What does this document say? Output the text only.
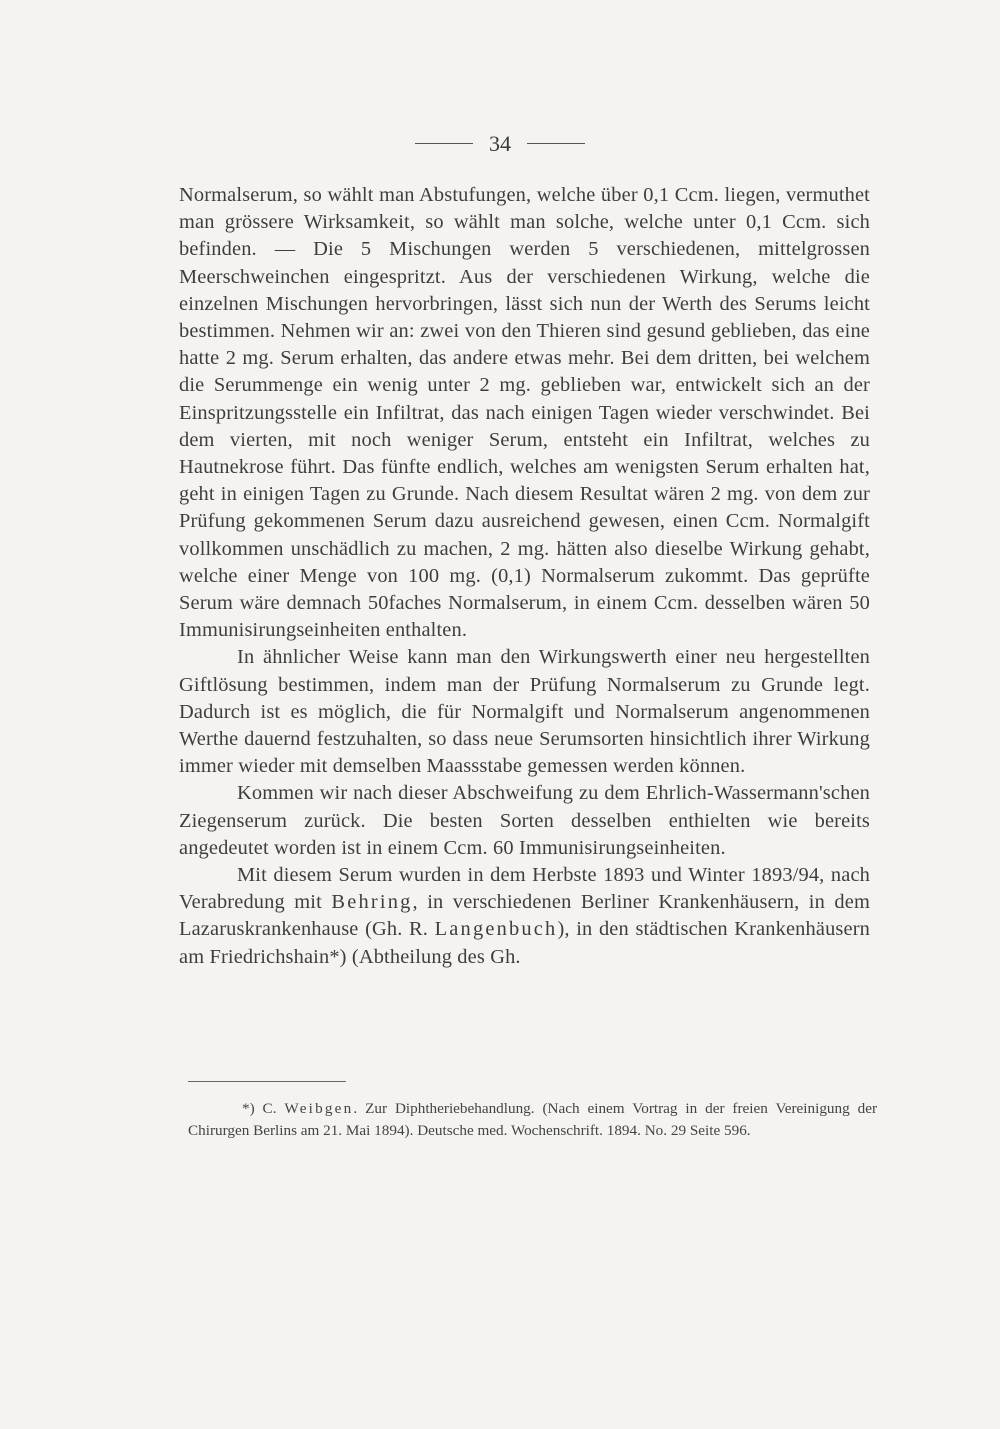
34

Normalserum, so wählt man Abstufungen, welche über 0,1 Ccm. liegen, vermuthet man grössere Wirksamkeit, so wählt man solche, welche unter 0,1 Ccm. sich befinden. — Die 5 Mischungen werden 5 verschiedenen, mittelgrossen Meerschweinchen eingespritzt. Aus der verschiedenen Wirkung, welche die einzelnen Mischungen hervorbringen, lässt sich nun der Werth des Serums leicht bestimmen. Nehmen wir an: zwei von den Thieren sind gesund geblieben, das eine hatte 2 mg. Serum erhalten, das andere etwas mehr. Bei dem dritten, bei welchem die Serummenge ein wenig unter 2 mg. geblieben war, entwickelt sich an der Einspritzungsstelle ein Infiltrat, das nach einigen Tagen wieder verschwindet. Bei dem vierten, mit noch weniger Serum, entsteht ein Infiltrat, welches zu Hautnekrose führt. Das fünfte endlich, welches am wenigsten Serum erhalten hat, geht in einigen Tagen zu Grunde. Nach diesem Resultat wären 2 mg. von dem zur Prüfung gekommenen Serum dazu ausreichend gewesen, einen Ccm. Normalgift vollkommen unschädlich zu machen, 2 mg. hätten also dieselbe Wirkung gehabt, welche einer Menge von 100 mg. (0,1) Normalserum zukommt. Das geprüfte Serum wäre demnach 50faches Normalserum, in einem Ccm. desselben wären 50 Immunisirungseinheiten enthalten.

In ähnlicher Weise kann man den Wirkungswerth einer neu hergestellten Giftlösung bestimmen, indem man der Prüfung Normalserum zu Grunde legt. Dadurch ist es möglich, die für Normalgift und Normalserum angenommenen Werthe dauernd festzuhalten, so dass neue Serumsorten hinsichtlich ihrer Wirkung immer wieder mit demselben Maassstabe gemessen werden können.

Kommen wir nach dieser Abschweifung zu dem Ehrlich-Wassermann'schen Ziegenserum zurück. Die besten Sorten desselben enthielten wie bereits angedeutet worden ist in einem Ccm. 60 Immunisirungseinheiten.

Mit diesem Serum wurden in dem Herbste 1893 und Winter 1893/94, nach Verabredung mit Behring, in verschiedenen Berliner Krankenhäusern, in dem Lazaruskrankenhause (Gh. R. Langenbuch), in den städtischen Krankenhäusern am Friedrichshain*) (Abtheilung des Gh.

*) C. Weibgen. Zur Diphtheriebehandlung. (Nach einem Vortrag in der freien Vereinigung der Chirurgen Berlins am 21. Mai 1894). Deutsche med. Wochenschrift. 1894. No. 29 Seite 596.
